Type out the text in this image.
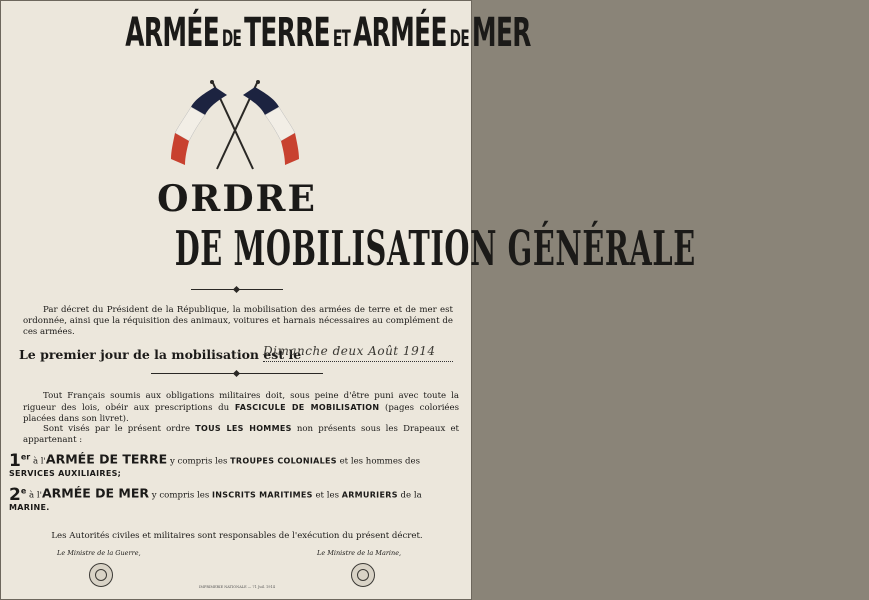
ARMÉE DE TERRE ET ARMÉE DE MER
ORDRE
DE MOBILISATION GÉNÉRALE
Par décret du Président de la République, la mobilisation des armées de terre et de mer est ordonnée, ainsi que la réquisition des animaux, voitures et harnais nécessaires au complément de ces armées.
Le premier jour de la mobilisation est le
Dimanche deux Août 1914
Tout Français soumis aux obligations militaires doit, sous peine d'être puni avec toute la rigueur des lois, obéir aux prescriptions du FASCICULE DE MOBILISATION (pages coloriées placées dans son livret).
Sont visés par le présent ordre TOUS LES HOMMES non présents sous les Drapeaux et appartenant :
1er à l'ARMÉE DE TERRE y compris les TROUPES COLONIALES et les hommes des SERVICES AUXILIAIRES;
2e à l'ARMÉE DE MER y compris les INSCRITS MARITIMES et les ARMURIERS de la MARINE.
Les Autorités civiles et militaires sont responsables de l'exécution du présent décret.
Le Ministre de la Guerre,	Le Ministre de la Marine,
IMPRIMERIE NATIONALE — 71 Juil. 1914
